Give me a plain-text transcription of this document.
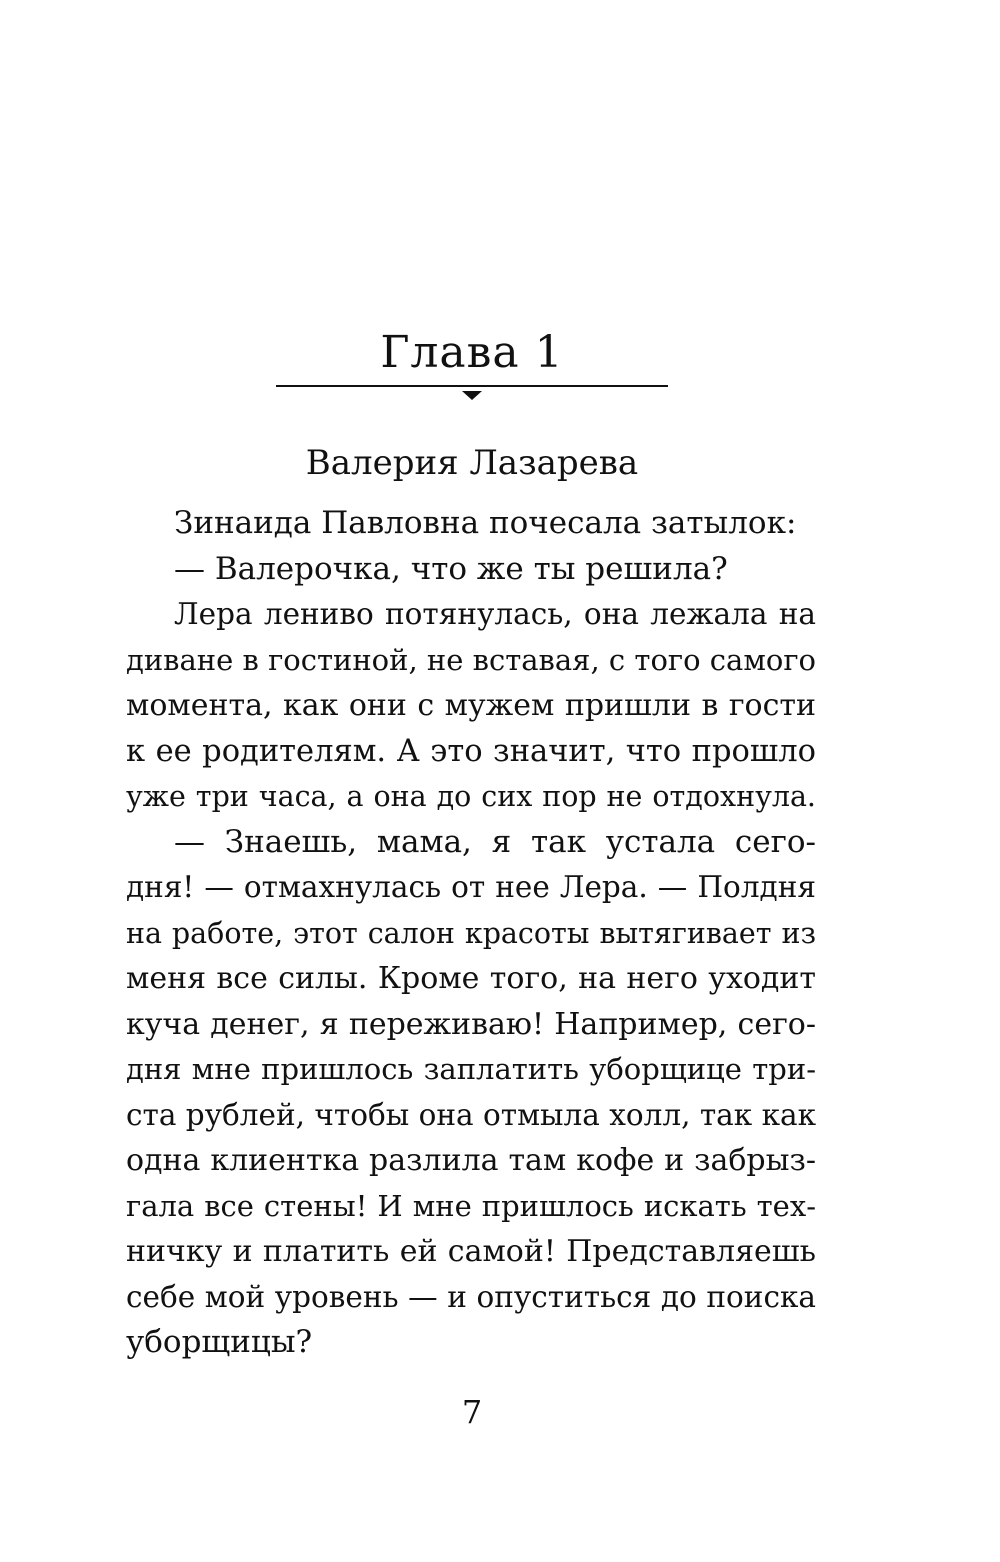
Глава 1
Валерия Лазарева
Зинаида Павловна почесала затылок:
— Валерочка, что же ты решила?
Лера лениво потянулась, она лежала на
диване в гостиной, не вставая, с того самого
момента, как они с мужем пришли в гости
к ее родителям. А это значит, что прошло
уже три часа, а она до сих пор не отдохнула.
— Знаешь, мама, я так устала сего-
дня! — отмахнулась от нее Лера. — Полдня
на работе, этот салон красоты вытягивает из
меня все силы. Кроме того, на него уходит
куча денег, я переживаю! Например, сего-
дня мне пришлось заплатить уборщице три-
ста рублей, чтобы она отмыла холл, так как
одна клиентка разлила там кофе и забрыз-
гала все стены! И мне пришлось искать тех-
ничку и платить ей самой! Представляешь
себе мой уровень — и опуститься до поиска
уборщицы?
7
